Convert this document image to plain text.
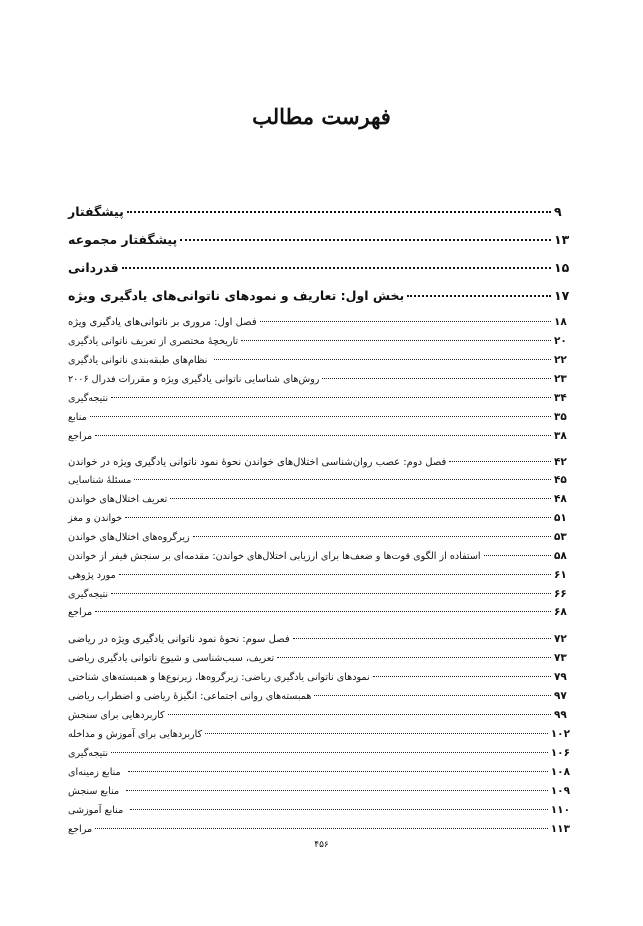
فهرست مطالب
پیشگفتار	۹
پیشگفتار مجموعه	۱۳
قدردانی	۱۵
بخش اول: تعاریف و نمودهای ناتوانی‌های یادگیری ویژه	۱۷
فصل اول: مروری بر ناتوانی‌های یادگیری ویژه	۱۸
تاریخچهٔ مختصری از تعریف ناتوانی یادگیری	۲۰
نظام‌های طبقه‌بندی ناتوانی یادگیری	۲۲
روش‌های شناسایی ناتوانی یادگیری ویژه و مقررات فدرال ۲۰۰۶	۲۳
نتیجه‌گیری	۳۴
منابع	۳۵
مراجع	۳۸
فصل دوم: عصب روان‌شناسی اختلال‌های خواندن نحوهٔ نمود ناتوانی یادگیری ویژه در خواندن	۴۲
مسئلهٔ شناسایی	۴۵
تعریف اختلال‌های خواندن	۴۸
خواندن و مغز	۵۱
زیرگروه‌های اختلال‌های خواندن	۵۳
استفاده از الگوی قوت‌ها و ضعف‌ها برای ارزیابی اختلال‌های خواندن: مقدمه‌ای بر سنجش فیفر از خواندن	۵۸
مورد پژوهی	۶۱
نتیجه‌گیری	۶۶
مراجع	۶۸
فصل سوم: نحوهٔ نمود ناتوانی یادگیری ویژه در ریاضی	۷۲
تعریف، سبب‌شناسی و شیوع ناتوانی یادگیری ریاضی	۷۳
نمودهای ناتوانی یادگیری ریاضی: زیرگروه‌ها، زیرنوع‌ها و همبسته‌های شناختی	۷۹
همبسته‌های روانی اجتماعی: انگیزهٔ ریاضی و اضطراب ریاضی	۹۷
کاربردهایی برای سنجش	۹۹
کاربردهایی برای آموزش و مداخله	۱۰۲
نتیجه‌گیری	۱۰۶
منابع زمینه‌ای	۱۰۸
منابع سنجش	۱۰۹
منابع آموزشی	۱۱۰
مراجع	۱۱۳
۴۵۶
